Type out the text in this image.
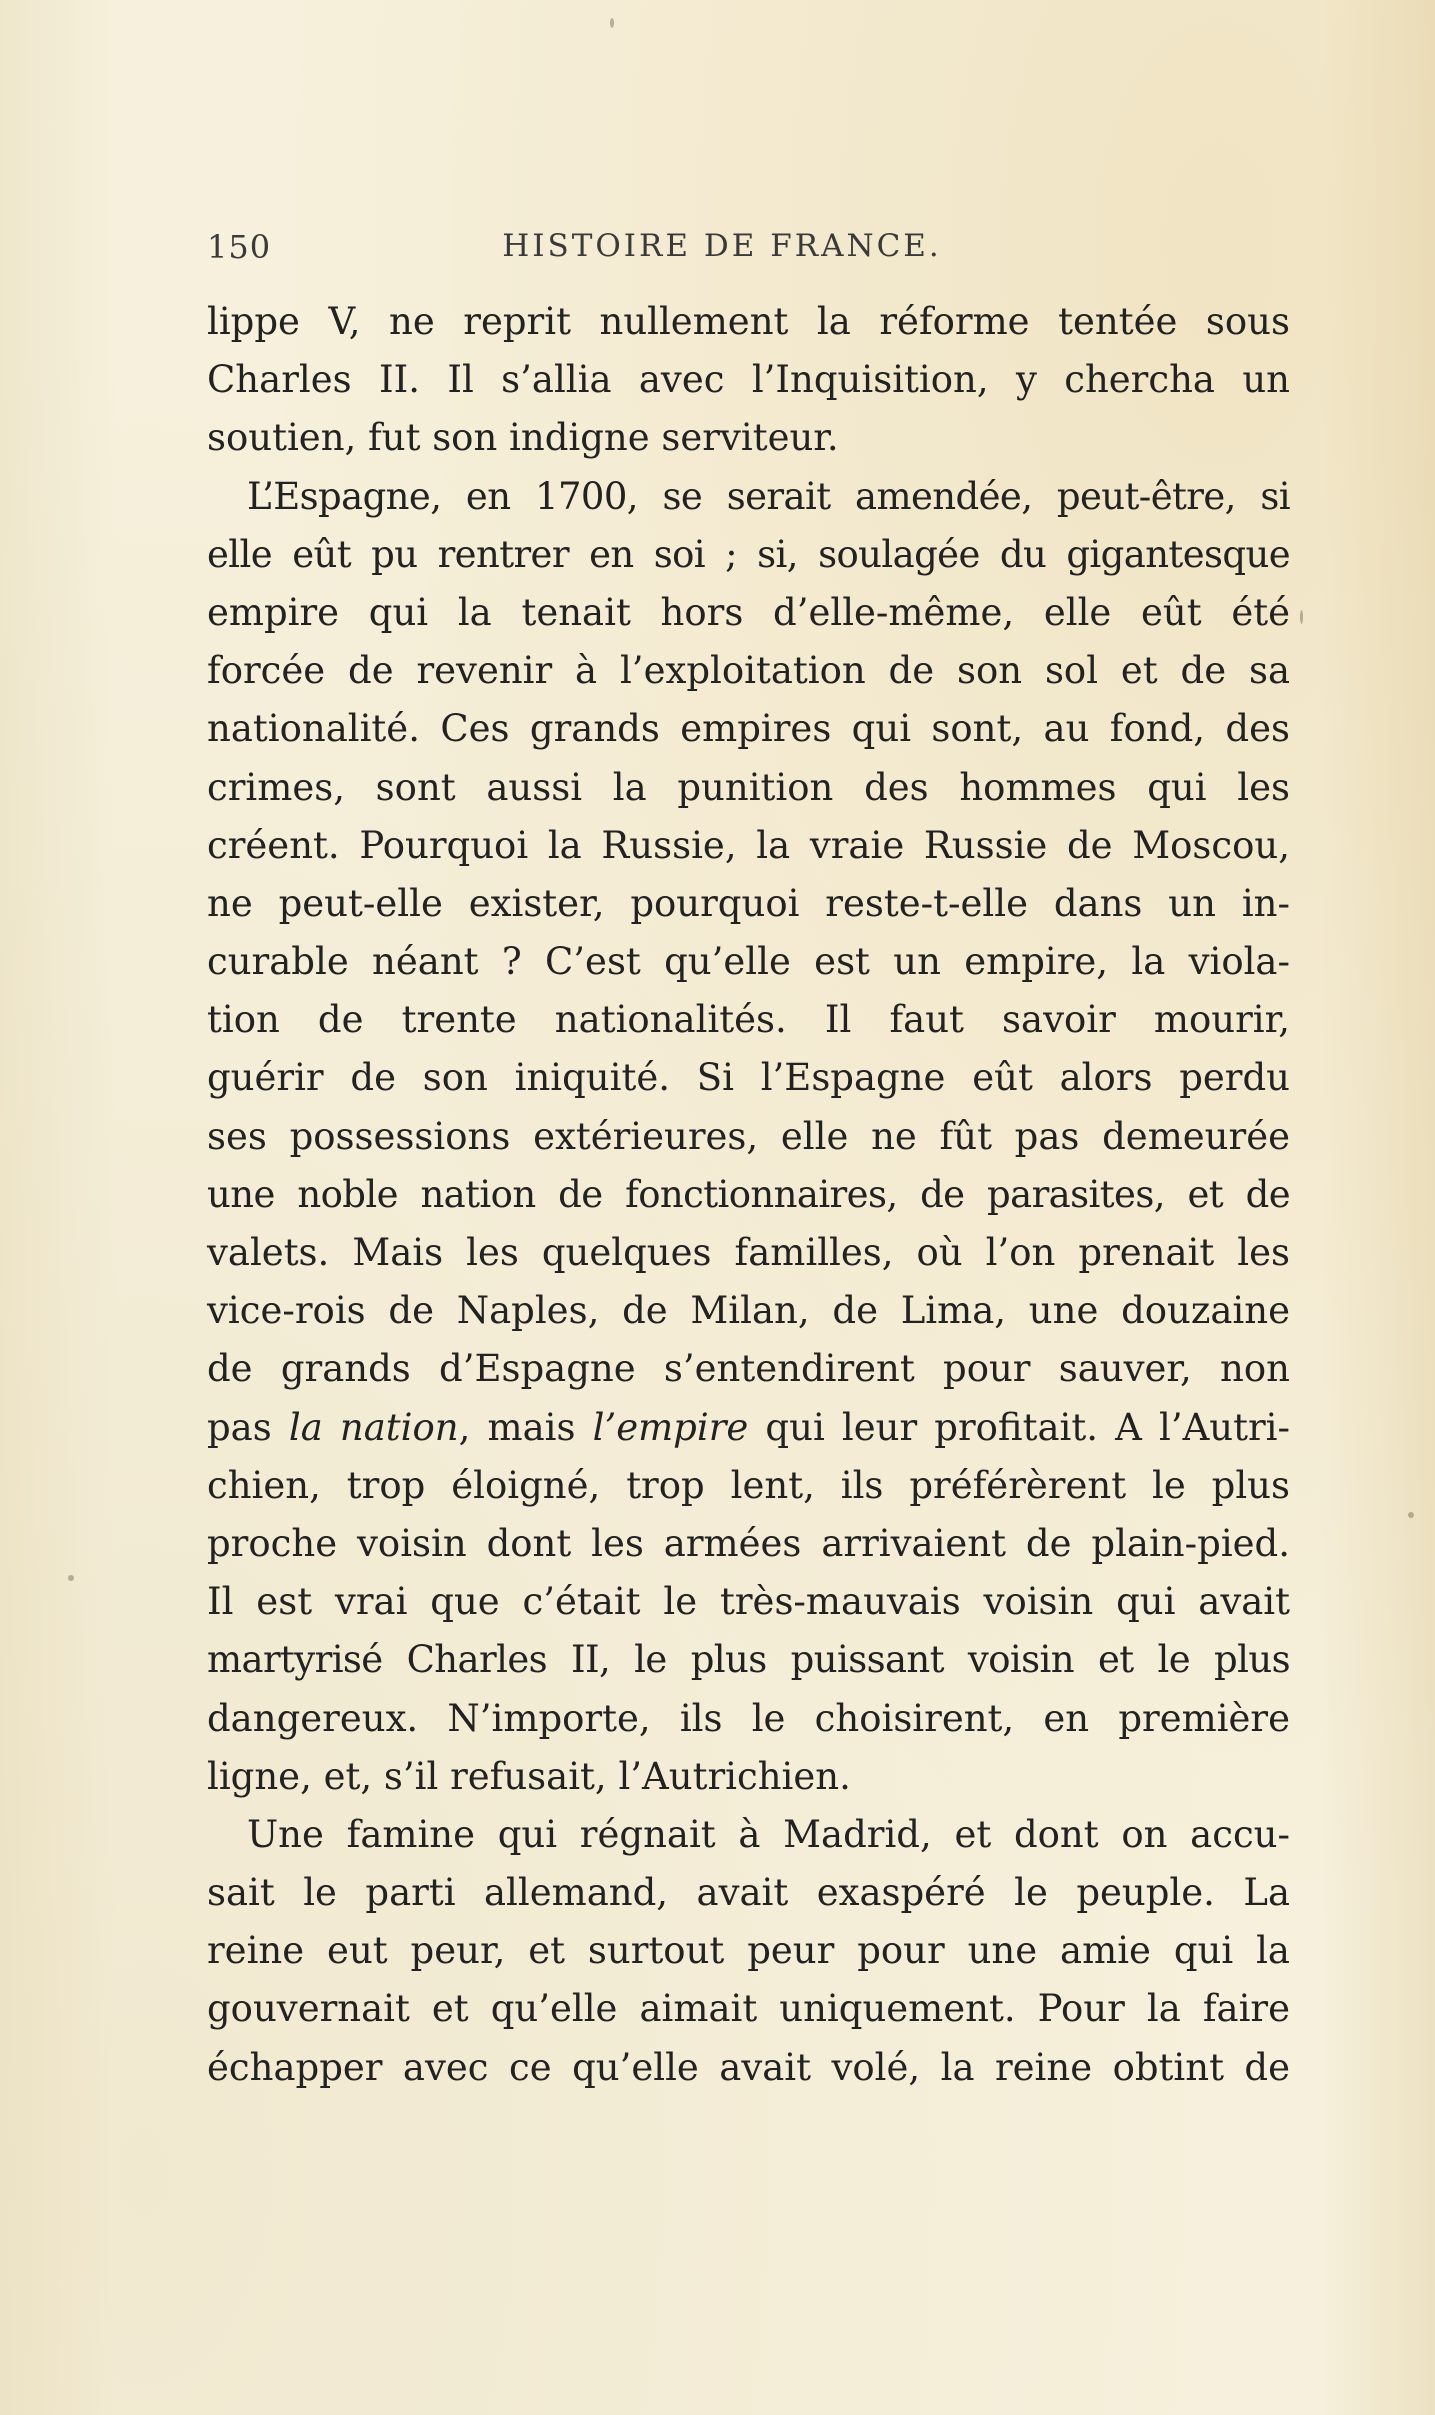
150	HISTOIRE DE FRANCE.
lippe V, ne reprit nullement la réforme tentée sous
Charles II. Il s’allia avec l’Inquisition, y chercha un
soutien, fut son indigne serviteur.
L’Espagne, en 1700, se serait amendée, peut-être, si
elle eût pu rentrer en soi ; si, soulagée du gigantesque
empire qui la tenait hors d’elle-même, elle eût été
forcée de revenir à l’exploitation de son sol et de sa
nationalité. Ces grands empires qui sont, au fond, des
crimes, sont aussi la punition des hommes qui les
créent. Pourquoi la Russie, la vraie Russie de Moscou,
ne peut-elle exister, pourquoi reste-t-elle dans un in-
curable néant ? C’est qu’elle est un empire, la viola-
tion de trente nationalités. Il faut savoir mourir,
guérir de son iniquité. Si l’Espagne eût alors perdu
ses possessions extérieures, elle ne fût pas demeurée
une noble nation de fonctionnaires, de parasites, et de
valets. Mais les quelques familles, où l’on prenait les
vice-rois de Naples, de Milan, de Lima, une douzaine
de grands d’Espagne s’entendirent pour sauver, non
pas la nation, mais l’empire qui leur profitait. A l’Autri-
chien, trop éloigné, trop lent, ils préférèrent le plus
proche voisin dont les armées arrivaient de plain-pied.
Il est vrai que c’était le très-mauvais voisin qui avait
martyrisé Charles II, le plus puissant voisin et le plus
dangereux. N’importe, ils le choisirent, en première
ligne, et, s’il refusait, l’Autrichien.
Une famine qui régnait à Madrid, et dont on accu-
sait le parti allemand, avait exaspéré le peuple. La
reine eut peur, et surtout peur pour une amie qui la
gouvernait et qu’elle aimait uniquement. Pour la faire
échapper avec ce qu’elle avait volé, la reine obtint de
